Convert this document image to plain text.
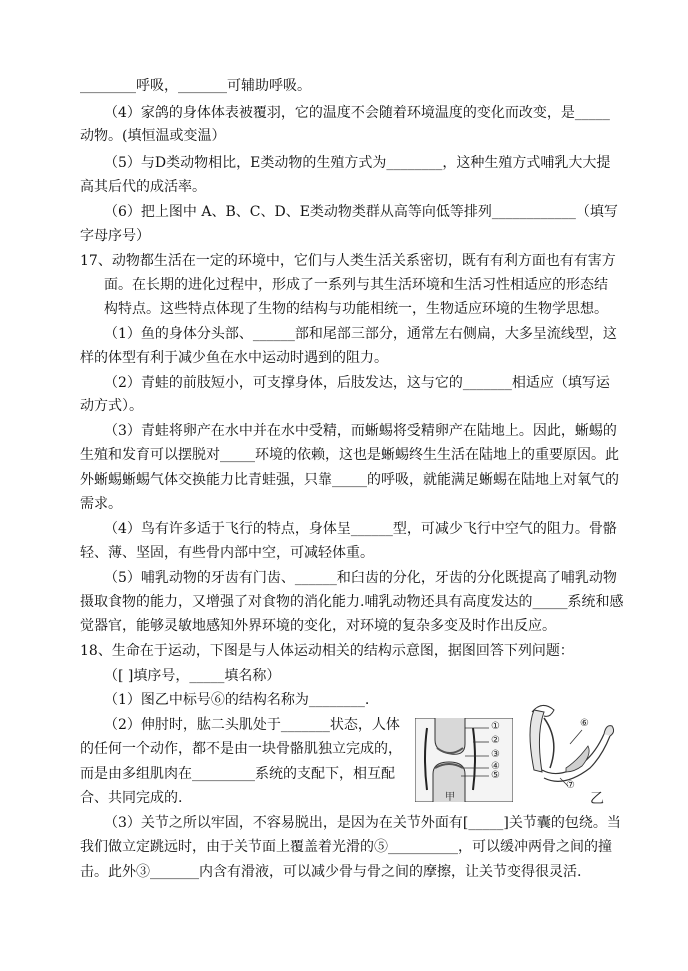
________呼吸，_______可辅助呼吸。
（4）家鸽的身体体表被覆羽，它的温度不会随着环境温度的变化而改变，是_____
动物。(填恒温或变温）
（5）与D类动物相比，E类动物的生殖方式为________，这种生殖方式哺乳大大提
高其后代的成活率。
（6）把上图中 A、B、C、D、E类动物类群从高等向低等排列____________（填写
字母序号）
17、动物都生活在一定的环境中，它们与人类生活关系密切，既有有利方面也有有害方
面。在长期的进化过程中，形成了一系列与其生活环境和生活习性相适应的形态结
构特点。这些特点体现了生物的结构与功能相统一，生物适应环境的生物学思想。
（1）鱼的身体分头部、______部和尾部三部分，通常左右侧扁，大多呈流线型，这
样的体型有利于减少鱼在水中运动时遇到的阻力。
（2）青蛙的前肢短小，可支撑身体，后肢发达，这与它的_______相适应（填写运
动方式）。
（3）青蛙将卵产在水中并在水中受精，而蜥蜴将受精卵产在陆地上。因此，蜥蜴的
生殖和发育可以摆脱对_____环境的依赖，这也是蜥蜴终生生活在陆地上的重要原因。此
外蜥蜴蜥蜴气体交换能力比青蛙强，只靠_____的呼吸，就能满足蜥蜴在陆地上对氧气的
需求。
（4）鸟有许多适于飞行的特点，身体呈______型，可减少飞行中空气的阻力。骨骼
轻、薄、坚固，有些骨内部中空，可减轻体重。
（5）哺乳动物的牙齿有门齿、______和臼齿的分化，牙齿的分化既提高了哺乳动物
摄取食物的能力，又增强了对食物的消化能力.哺乳动物还具有高度发达的_____系统和感
觉器官，能够灵敏地感知外界环境的变化，对环境的复杂多变及时作出反应。
18、生命在于运动，下图是与人体运动相关的结构示意图，据图回答下列问题：
（[ ]填序号，_____填名称）
（1）图乙中标号⑥的结构名称为________.
（2）伸肘时，肱二头肌处于_______状态，人体
的任何一个动作，都不是由一块骨骼肌独立完成的，
而是由多组肌肉在_________系统的支配下，相互配
合、共同完成的.
（3）关节之所以牢固，不容易脱出，是因为在关节外面有[_____]关节囊的包绕。当
我们做立定跳远时，由于关节面上覆盖着光滑的⑤__________，可以缓冲两骨之间的撞
击。此外③_______内含有滑液，可以减少骨与骨之间的摩擦，让关节变得很灵活.
①
②
③
④
⑤
甲
⑥
⑦
乙
